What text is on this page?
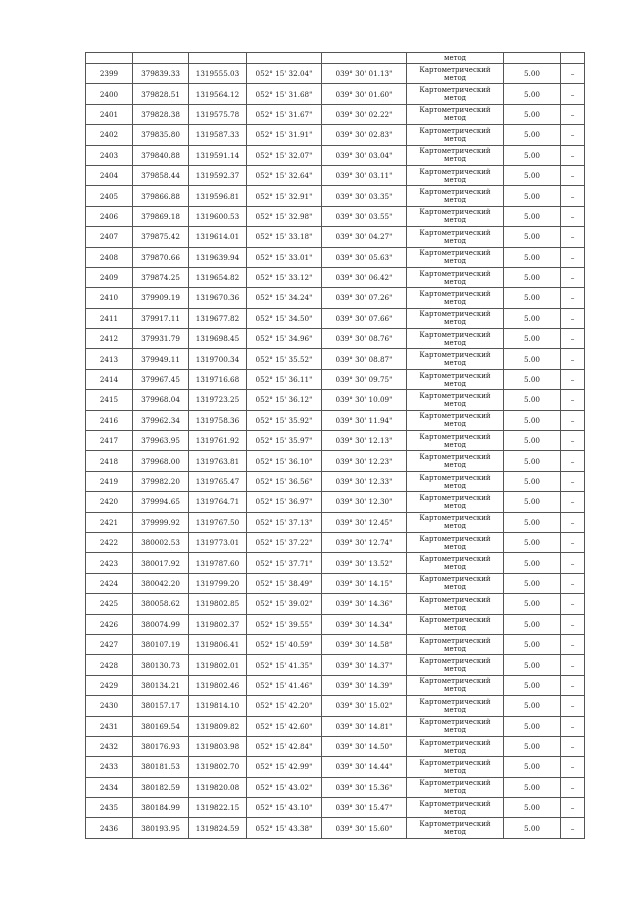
					метод		

2399	379839.33	1319555.03	052° 15' 32.04"	039° 30' 01.13"	Картометрический
метод	5.00	–
2400	379828.51	1319564.12	052° 15' 31.68"	039° 30' 01.60"	Картометрический
метод	5.00	–
2401	379828.38	1319575.78	052° 15' 31.67"	039° 30' 02.22"	Картометрический
метод	5.00	–
2402	379835.80	1319587.33	052° 15' 31.91"	039° 30' 02.83"	Картометрический
метод	5.00	–
2403	379840.88	1319591.14	052° 15' 32.07"	039° 30' 03.04"	Картометрический
метод	5.00	–
2404	379858.44	1319592.37	052° 15' 32.64"	039° 30' 03.11"	Картометрический
метод	5.00	–
2405	379866.88	1319596.81	052° 15' 32.91"	039° 30' 03.35"	Картометрический
метод	5.00	–
2406	379869.18	1319600.53	052° 15' 32.98"	039° 30' 03.55"	Картометрический
метод	5.00	–
2407	379875.42	1319614.01	052° 15' 33.18"	039° 30' 04.27"	Картометрический
метод	5.00	–
2408	379870.66	1319639.94	052° 15' 33.01"	039° 30' 05.63"	Картометрический
метод	5.00	–
2409	379874.25	1319654.82	052° 15' 33.12"	039° 30' 06.42"	Картометрический
метод	5.00	–
2410	379909.19	1319670.36	052° 15' 34.24"	039° 30' 07.26"	Картометрический
метод	5.00	–
2411	379917.11	1319677.82	052° 15' 34.50"	039° 30' 07.66"	Картометрический
метод	5.00	–
2412	379931.79	1319698.45	052° 15' 34.96"	039° 30' 08.76"	Картометрический
метод	5.00	–
2413	379949.11	1319700.34	052° 15' 35.52"	039° 30' 08.87"	Картометрический
метод	5.00	–
2414	379967.45	1319716.68	052° 15' 36.11"	039° 30' 09.75"	Картометрический
метод	5.00	–
2415	379968.04	1319723.25	052° 15' 36.12"	039° 30' 10.09"	Картометрический
метод	5.00	–
2416	379962.34	1319758.36	052° 15' 35.92"	039° 30' 11.94"	Картометрический
метод	5.00	–
2417	379963.95	1319761.92	052° 15' 35.97"	039° 30' 12.13"	Картометрический
метод	5.00	–
2418	379968.00	1319763.81	052° 15' 36.10"	039° 30' 12.23"	Картометрический
метод	5.00	–
2419	379982.20	1319765.47	052° 15' 36.56"	039° 30' 12.33"	Картометрический
метод	5.00	–
2420	379994.65	1319764.71	052° 15' 36.97"	039° 30' 12.30"	Картометрический
метод	5.00	–
2421	379999.92	1319767.50	052° 15' 37.13"	039° 30' 12.45"	Картометрический
метод	5.00	–
2422	380002.53	1319773.01	052° 15' 37.22"	039° 30' 12.74"	Картометрический
метод	5.00	–
2423	380017.92	1319787.60	052° 15' 37.71"	039° 30' 13.52"	Картометрический
метод	5.00	–
2424	380042.20	1319799.20	052° 15' 38.49"	039° 30' 14.15"	Картометрический
метод	5.00	–
2425	380058.62	1319802.85	052° 15' 39.02"	039° 30' 14.36"	Картометрический
метод	5.00	–
2426	380074.99	1319802.37	052° 15' 39.55"	039° 30' 14.34"	Картометрический
метод	5.00	–
2427	380107.19	1319806.41	052° 15' 40.59"	039° 30' 14.58"	Картометрический
метод	5.00	–
2428	380130.73	1319802.01	052° 15' 41.35"	039° 30' 14.37"	Картометрический
метод	5.00	–
2429	380134.21	1319802.46	052° 15' 41.46"	039° 30' 14.39"	Картометрический
метод	5.00	–
2430	380157.17	1319814.10	052° 15' 42.20"	039° 30' 15.02"	Картометрический
метод	5.00	–
2431	380169.54	1319809.82	052° 15' 42.60"	039° 30' 14.81"	Картометрический
метод	5.00	–
2432	380176.93	1319803.98	052° 15' 42.84"	039° 30' 14.50"	Картометрический
метод	5.00	–
2433	380181.53	1319802.70	052° 15' 42.99"	039° 30' 14.44"	Картометрический
метод	5.00	–
2434	380182.59	1319820.08	052° 15' 43.02"	039° 30' 15.36"	Картометрический
метод	5.00	–
2435	380184.99	1319822.15	052° 15' 43.10"	039° 30' 15.47"	Картометрический
метод	5.00	–
2436	380193.95	1319824.59	052° 15' 43.38"	039° 30' 15.60"	Картометрический
метод	5.00	–
